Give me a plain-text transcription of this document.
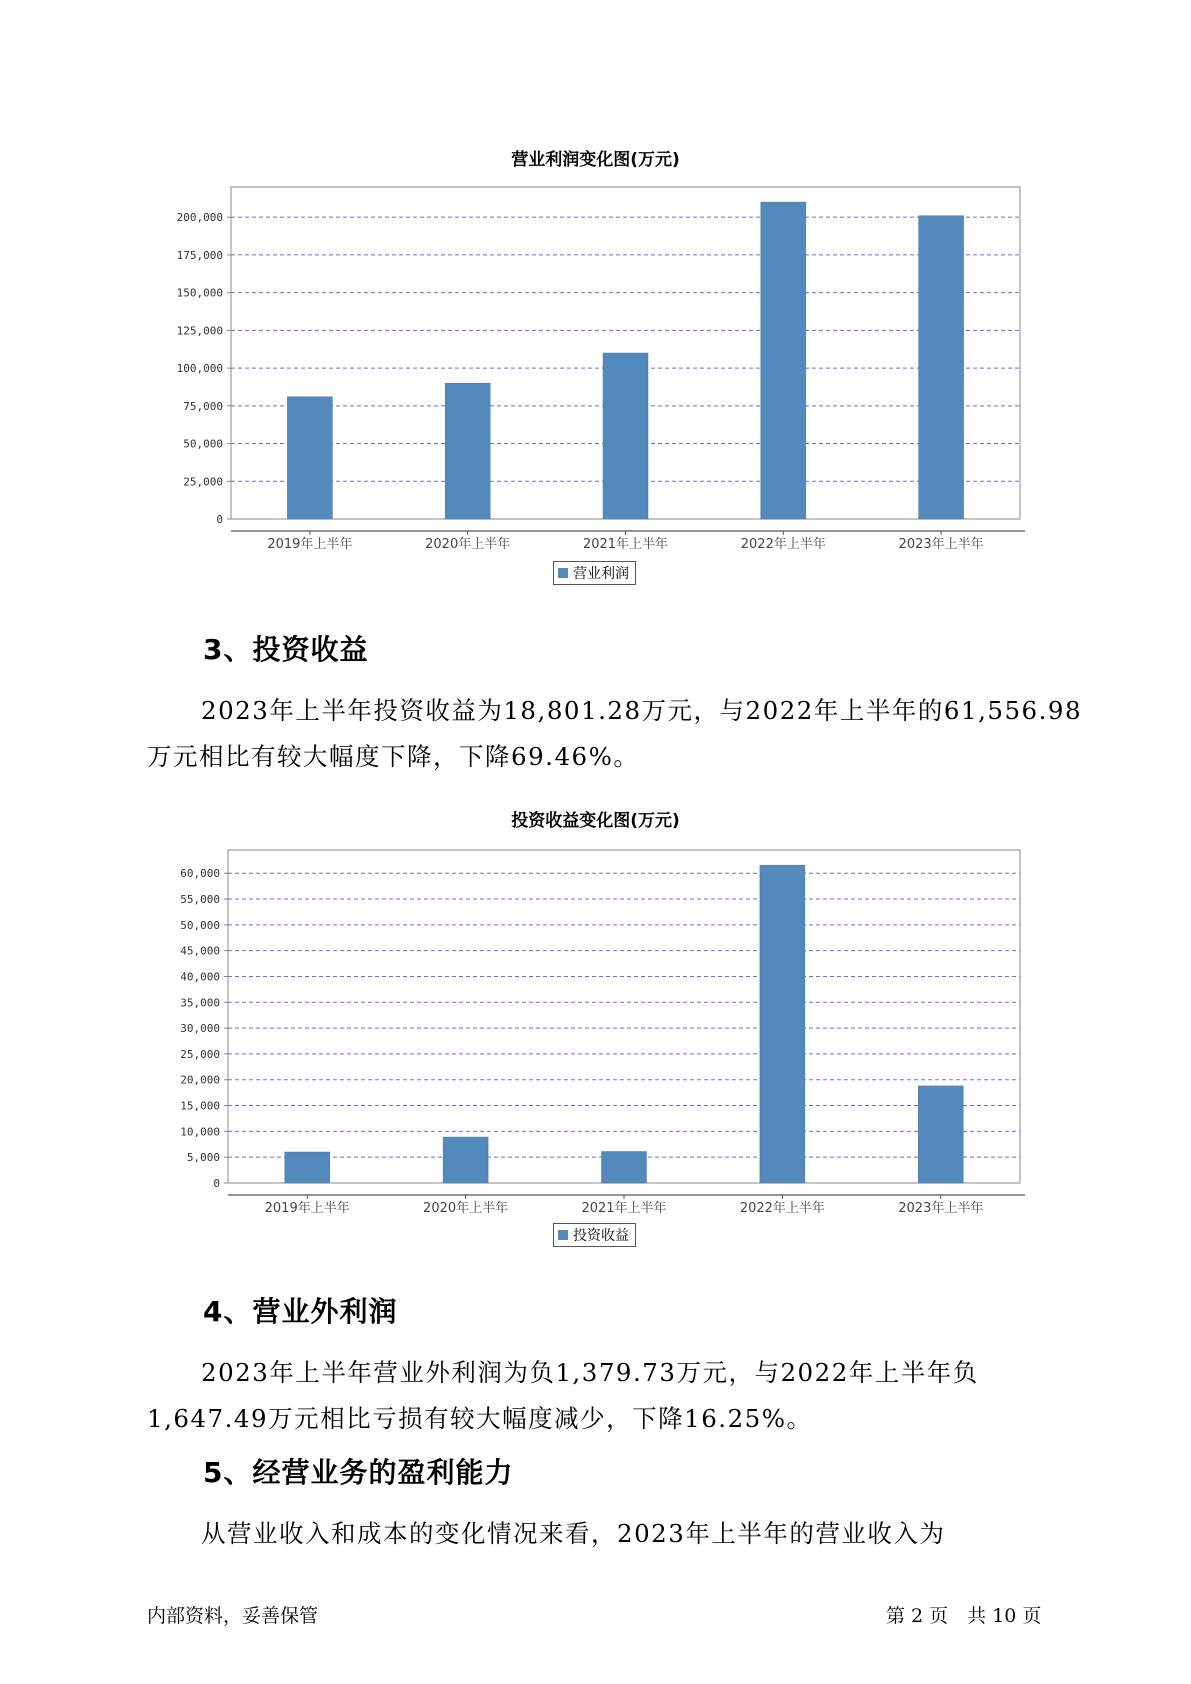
营业利润变化图(万元)
0
25,000
50,000
75,000
100,000
125,000
150,000
175,000
200,000
2019年上半年	2020年上半年	2021年上半年	2022年上半年	2023年上半年
营业利润
3、投资收益
2023年上半年投资收益为18,801.28万元，与2022年上半年的61,556.98
万元相比有较大幅度下降，下降69.46%。
投资收益变化图(万元)
0
5,000
10,000
15,000
20,000
25,000
30,000
35,000
40,000
45,000
50,000
55,000
60,000
2019年上半年	2020年上半年	2021年上半年	2022年上半年	2023年上半年
投资收益
4、营业外利润
2023年上半年营业外利润为负1,379.73万元，与2022年上半年负
1,647.49万元相比亏损有较大幅度减少，下降16.25%。
5、经营业务的盈利能力
从营业收入和成本的变化情况来看，2023年上半年的营业收入为
内部资料，妥善保管	第 2 页　共 10 页
